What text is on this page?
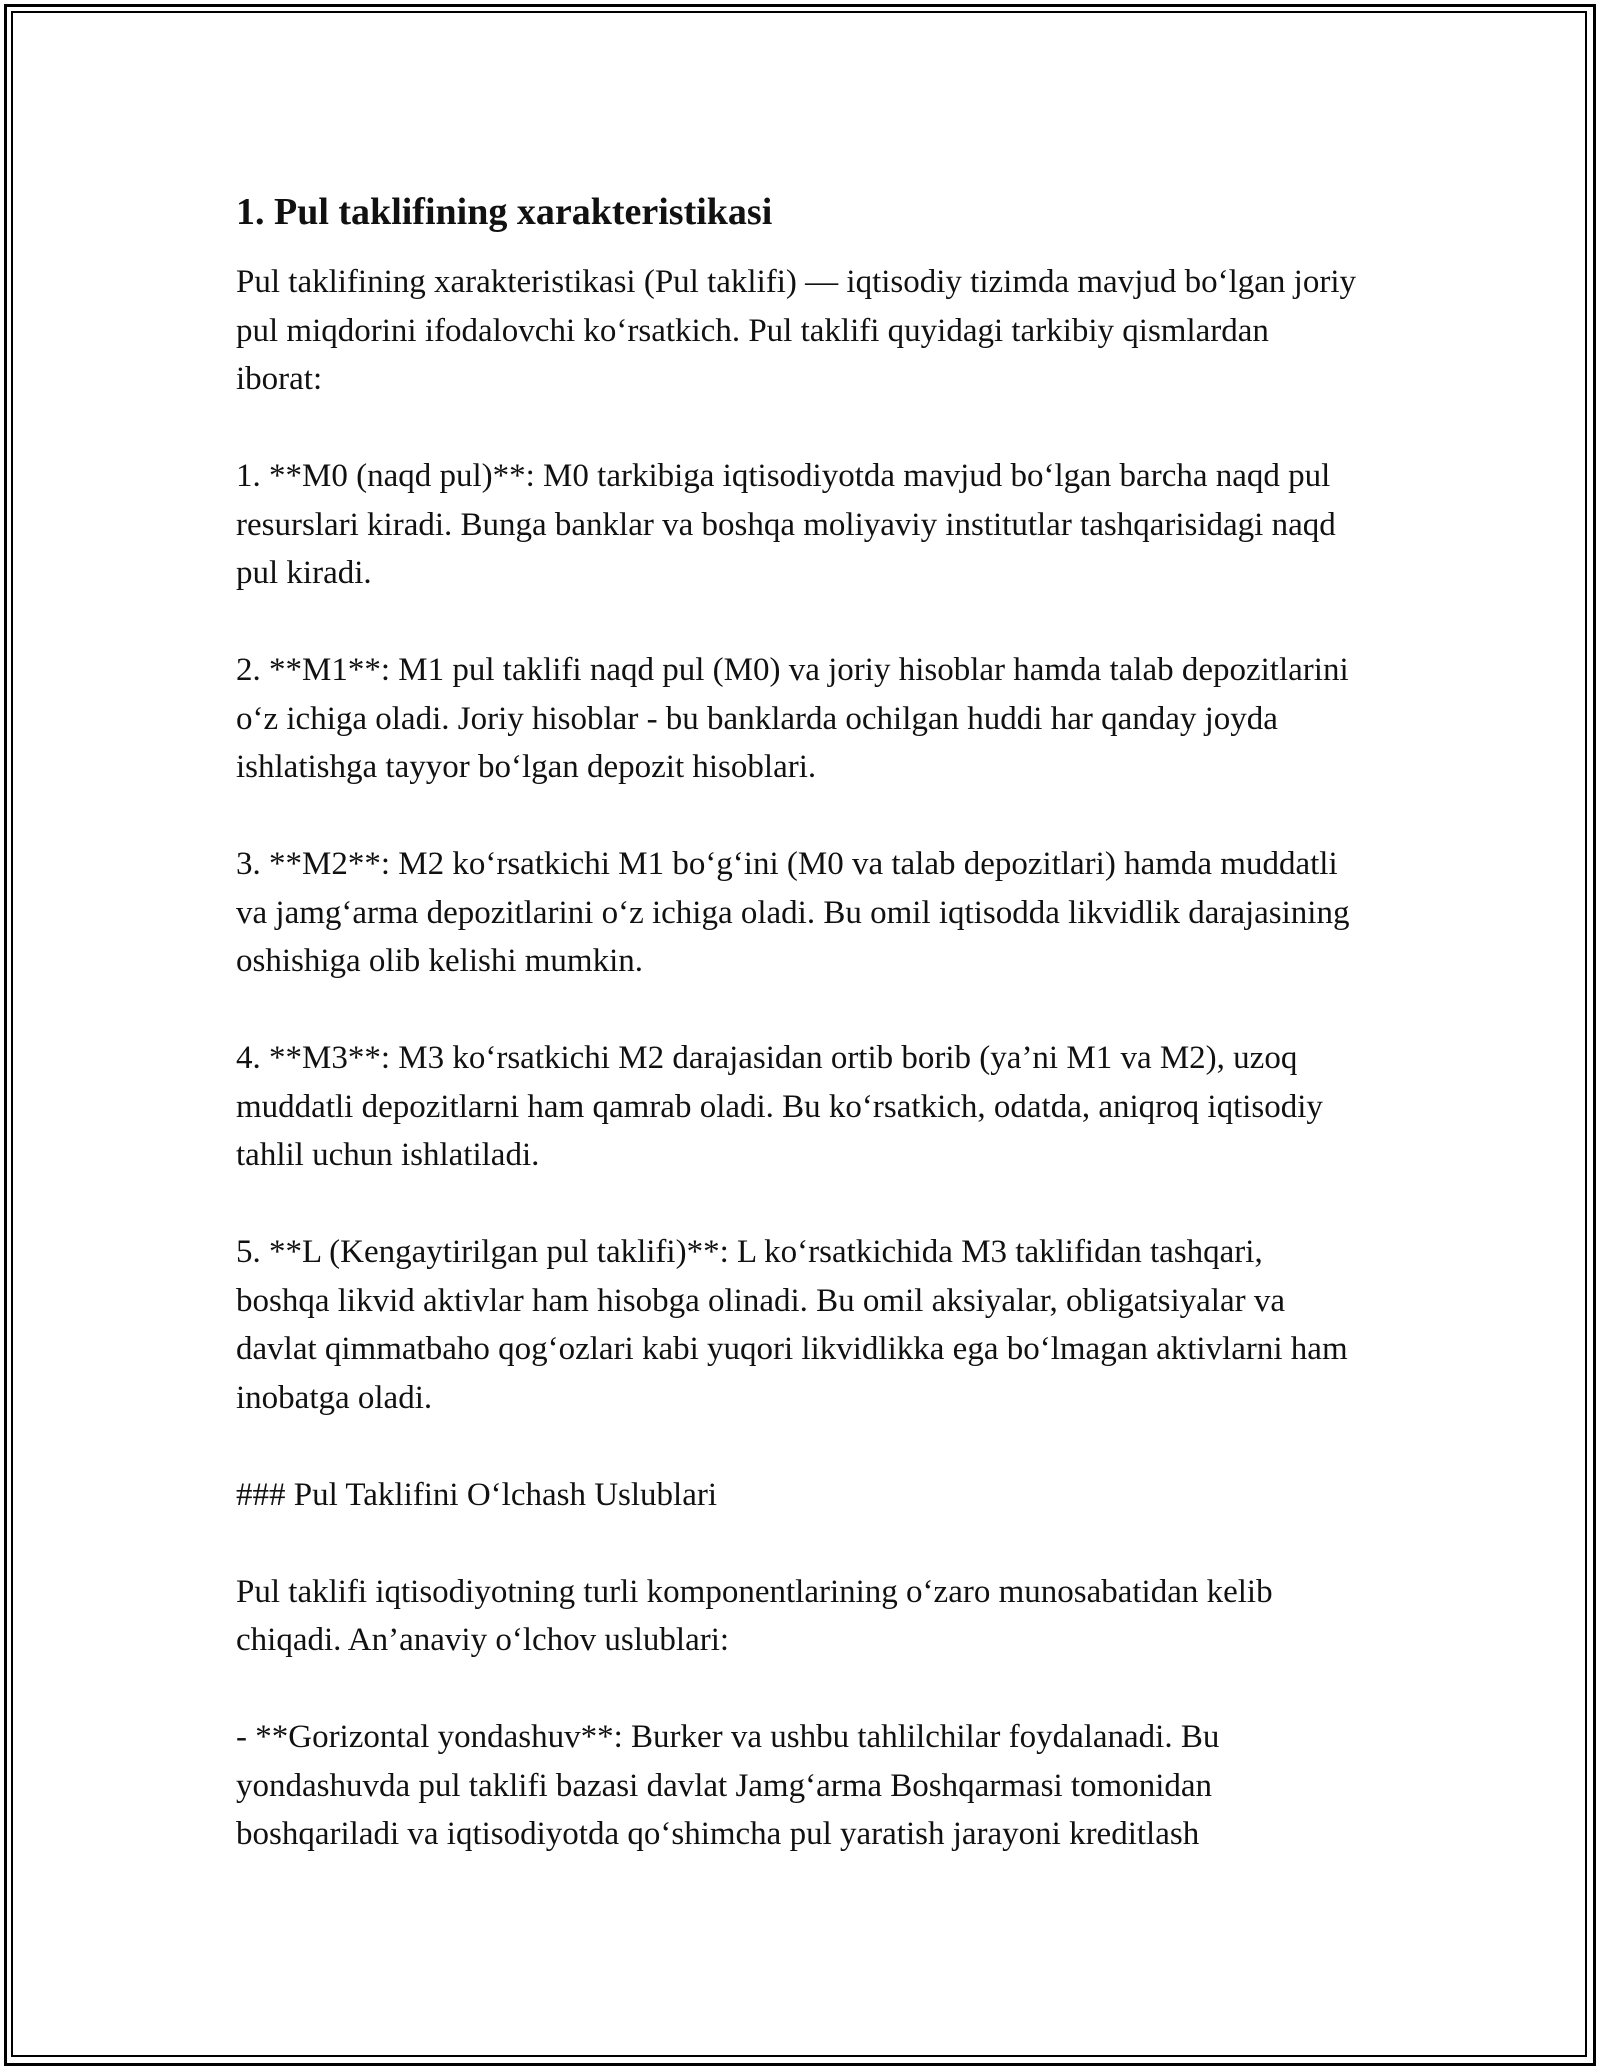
1. Pul taklifining xarakteristikasi

Pul taklifining xarakteristikasi (Pul taklifi) — iqtisodiy tizimda mavjud bo‘lgan joriy pul miqdorini ifodalovchi ko‘rsatkich. Pul taklifi quyidagi tarkibiy qismlardan iborat:

1. **M0 (naqd pul)**: M0 tarkibiga iqtisodiyotda mavjud bo‘lgan barcha naqd pul resurslari kiradi. Bunga banklar va boshqa moliyaviy institutlar tashqarisidagi naqd pul kiradi.

2. **M1**: M1 pul taklifi naqd pul (M0) va joriy hisoblar hamda talab depozitlarini o‘z ichiga oladi. Joriy hisoblar - bu banklarda ochilgan huddi har qanday joyda ishlatishga tayyor bo‘lgan depozit hisoblari.

3. **M2**: M2 ko‘rsatkichi M1 bo‘g‘ini (M0 va talab depozitlari) hamda muddatli va jamg‘arma depozitlarini o‘z ichiga oladi. Bu omil iqtisodda likvidlik darajasining oshishiga olib kelishi mumkin.

4. **M3**: M3 ko‘rsatkichi M2 darajasidan ortib borib (ya’ni M1 va M2), uzoq muddatli depozitlarni ham qamrab oladi. Bu ko‘rsatkich, odatda, aniqroq iqtisodiy tahlil uchun ishlatiladi.

5. **L (Kengaytirilgan pul taklifi)**: L ko‘rsatkichida M3 taklifidan tashqari, boshqa likvid aktivlar ham hisobga olinadi. Bu omil aksiyalar, obligatsiyalar va davlat qimmatbaho qog‘ozlari kabi yuqori likvidlikka ega bo‘lmagan aktivlarni ham inobatga oladi.

### Pul Taklifini O‘lchash Uslublari

Pul taklifi iqtisodiyotning turli komponentlarining o‘zaro munosabatidan kelib chiqadi. An’anaviy o‘lchov uslublari:

- **Gorizontal yondashuv**: Burker va ushbu tahlilchilar foydalanadi. Bu yondashuvda pul taklifi bazasi davlat Jamg‘arma Boshqarmasi tomonidan boshqariladi va iqtisodiyotda qo‘shimcha pul yaratish jarayoni kreditlash
